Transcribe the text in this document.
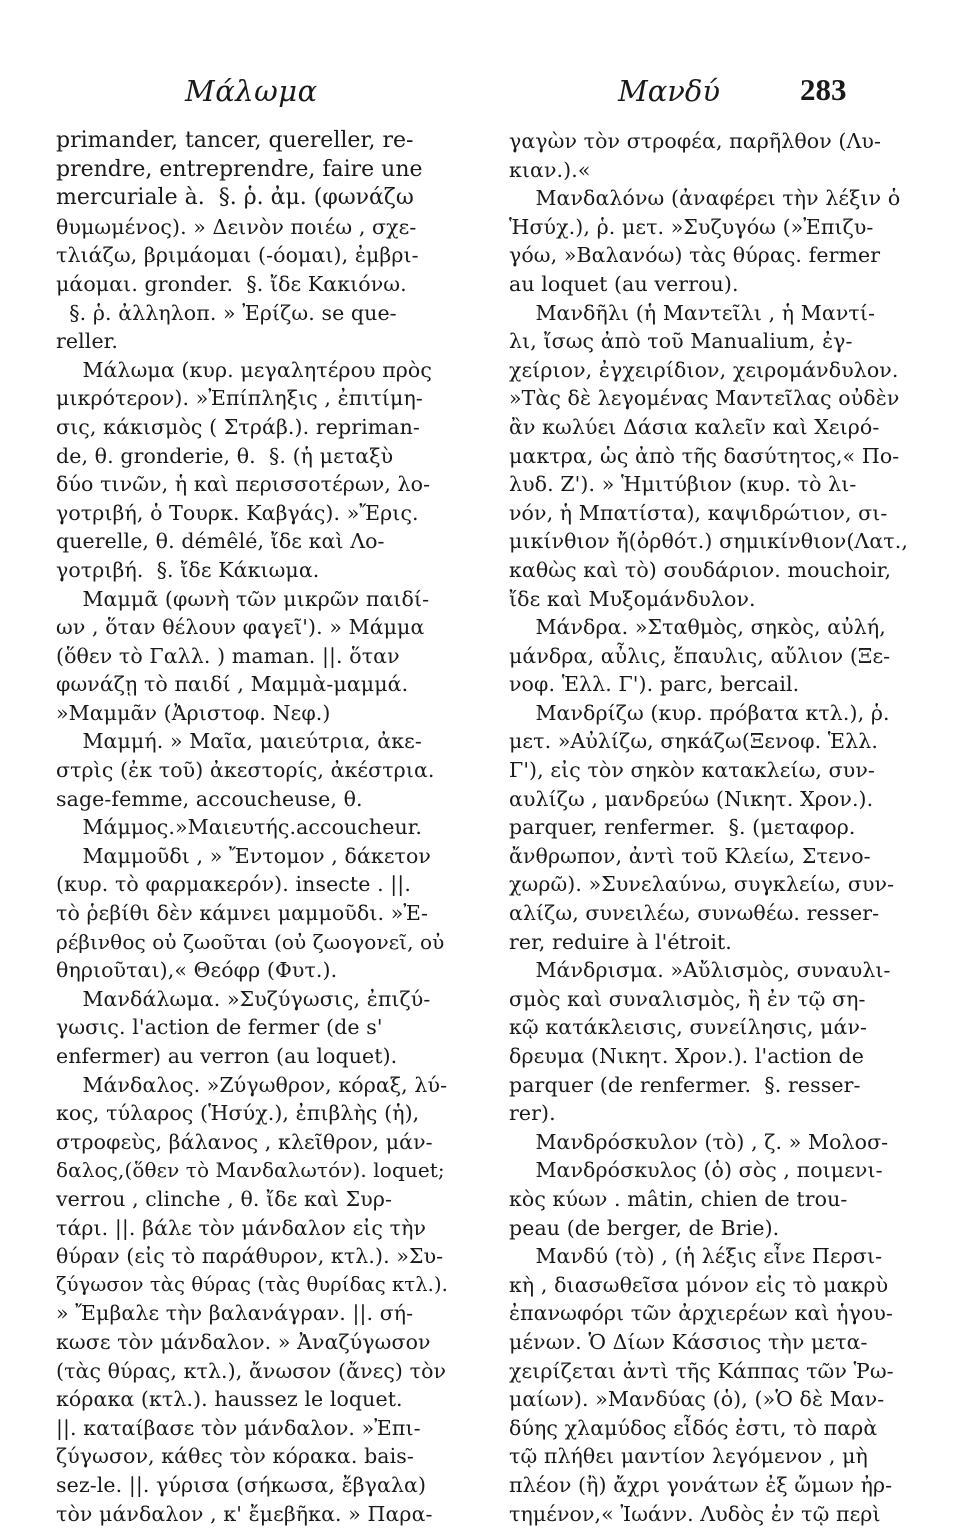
Μάλωμα	Μανδύ	283
primander, tancer, quereller, re-
prendre, entreprendre, faire une
mercuriale à.  §. ῥ. ἀμ. (φωνάζω
θυμωμένος). » Δεινὸν ποιέω , σχε-
τλιάζω, βριμάομαι (-όομαι), ἐμβρι-
μάομαι. gronder.  §. ἴδε Κακιόνω.
§. ῥ. ἀλληλοπ. » Ἐρίζω. se que-
reller.
Μάλωμα (κυρ. μεγαλητέρου πρὸς
μικρότερον). »Ἐπίπληξις , ἐπιτίμη-
σις, κάκισμὸς ( Στράβ.). repriman-
de, θ. gronderie, θ.  §. (ἡ μεταξὺ
δύο τινῶν, ἡ καὶ περισσοτέρων, λο-
γοτριβή, ὁ Τουρκ. Καβγάς). »Ἔρις.
querelle, θ. démêlé, ἴδε καὶ Λο-
γοτριβή.  §. ἴδε Κάκιωμα.
Μαμμᾶ (φωνὴ τῶν μικρῶν παιδί-
ων , ὅταν θέλουν φαγεῖ'). » Μάμμα
(ὅθεν τὸ Γαλλ. ) maman. ||. ὅταν
φωνάζῃ τὸ παιδί , Μαμμὰ-μαμμά.
»Μαμμᾶν (Ἀριστοφ. Νεφ.)
Μαμμή. » Μαῖα, μαιεύτρια, ἀκε-
στρὶς (ἐκ τοῦ) ἀκεστορίς, ἀκέστρια.
sage-femme, accoucheuse, θ.
Μάμμος.»Μαιευτής.accoucheur.
Μαμμοῦδι , » Ἔντομον , δάκετον
(κυρ. τὸ φαρμακερόν). insecte . ||.
τὸ ῥεβίθι δὲν κάμνει μαμμοῦδι. »Ἐ-
ρέβινθος οὐ ζωοῦται (οὐ ζωογονεῖ, οὐ
θηριοῦται),« Θεόφρ (Φυτ.).
Μανδάλωμα. »Συζύγωσις, ἐπιζύ-
γωσις. l'action de fermer (de s'
enfermer) au verron (au loquet).
Μάνδαλος. »Ζύγωθρον, κόραξ, λύ-
κος, τύλαρος (Ἡσύχ.), ἐπιβλὴς (ἡ),
στροφεὺς, βάλανος , κλεῖθρον, μάν-
δαλος,(ὅθεν τὸ Μανδαλωτόν). loquet;
verrou , clinche , θ. ἴδε καὶ Συρ-
τάρι. ||. βάλε τὸν μάνδαλον εἰς τὴν
θύραν (εἰς τὸ παράθυρον, κτλ.). »Συ-
ζύγωσον τὰς θύρας (τὰς θυρίδας κτλ.).
» Ἔμβαλε τὴν βαλανάγραν. ||. σή-
κωσε τὸν μάνδαλον. » Ἀναζύγωσον
(τὰς θύρας, κτλ.), ἄνωσον (ἄνες) τὸν
κόρακα (κτλ.). haussez le loquet.
||. καταίβασε τὸν μάνδαλον. »Ἐπι-
ζύγωσον, κάθες τὸν κόρακα. bais-
sez-le. ||. γύρισα (σήκωσα, ἔβγαλα)
τὸν μάνδαλον , κ' ἔμεβῆκα. » Παρα-
γαγὼν τὸν στροφέα, παρῆλθον (Λυ-
κιαν.).«
Μανδαλόνω (ἀναφέρει τὴν λέξιν ὁ
Ἡσύχ.), ῥ. μετ. »Συζυγόω (»Ἐπιζυ-
γόω, »Βαλανόω) τὰς θύρας. fermer
au loquet (au verrou).
Μανδῆλι (ἡ Μαντεῖλι , ἡ Μαντί-
λι, ἴσως ἀπὸ τοῦ Manualium, ἐγ-
χείριον, ἐγχειρίδιον, χειρομάνδυλον.
»Τὰς δὲ λεγομένας Μαντεῖλας οὐδὲν
ἂν κωλύει Δάσια καλεῖν καὶ Χειρό-
μακτρα, ὡς ἀπὸ τῆς δασύτητος,« Πο-
λυδ. Ζ'). » Ἡμιτύβιον (κυρ. τὸ λι-
νόν, ἡ Μπατίστα), καψιδρώτιον, σι-
μικίνθιον ἤ(ὀρθότ.) σημικίνθιον(Λατ.,
καθὼς καὶ τὸ) σουδάριον. mouchoir,
ἴδε καὶ Μυξομάνδυλον.
Μάνδρα. »Σταθμὸς, σηκὸς, αὐλή,
μάνδρα, αὖλις, ἔπαυλις, αὔλιον (Ξε-
νοφ. Ἑλλ. Γ'). parc, bercail.
Μανδρίζω (κυρ. πρόβατα κτλ.), ῥ.
μετ. »Αὐλίζω, σηκάζω(Ξενοφ. Ἑλλ.
Γ'), εἰς τὸν σηκὸν κατακλείω, συν-
αυλίζω , μανδρεύω (Νικητ. Χρον.).
parquer, renfermer.  §. (μεταφορ.
ἄνθρωπον, ἀντὶ τοῦ Κλείω, Στενο-
χωρῶ). »Συνελαύνω, συγκλείω, συν-
αλίζω, συνειλέω, συνωθέω. resser-
rer, reduire à l'étroit.
Μάνδρισμα. »Αὔλισμὸς, συναυλι-
σμὸς καὶ συναλισμὸς, ἢ ἐν τῷ ση-
κῷ κατάκλεισις, συνείλησις, μάν-
δρευμα (Νικητ. Χρον.). l'action de
parquer (de renfermer.  §. resser-
rer).
Μανδρόσκυλον (τὸ) , ζ. » Μολοσ-
Μανδρόσκυλος (ὁ) σὸς , ποιμενι-
κὸς κύων . mâtin, chien de trou-
peau (de berger, de Brie).
Μανδύ (τὸ) , (ἡ λέξις εἶνε Περσι-
κὴ , διασωθεῖσα μόνον εἰς τὸ μακρὺ
ἐπανωφόρι τῶν ἀρχιερέων καὶ ἡγου-
μένων. Ὁ Δίων Κάσσιος τὴν μετα-
χειρίζεται ἀντὶ τῆς Κάππας τῶν Ῥω-
μαίων). »Μανδύας (ὁ), (»Ὁ δὲ Μαν-
δύης χλαμύδος εἶδός ἐστι, τὸ παρὰ
τῷ πλήθει μαντίον λεγόμενον , μὴ
πλέον (ἢ) ἄχρι γονάτων ἐξ ὤμων ἠρ-
τημένον,« Ἰωάνν. Λυδὸς ἐν τῷ περὶ
